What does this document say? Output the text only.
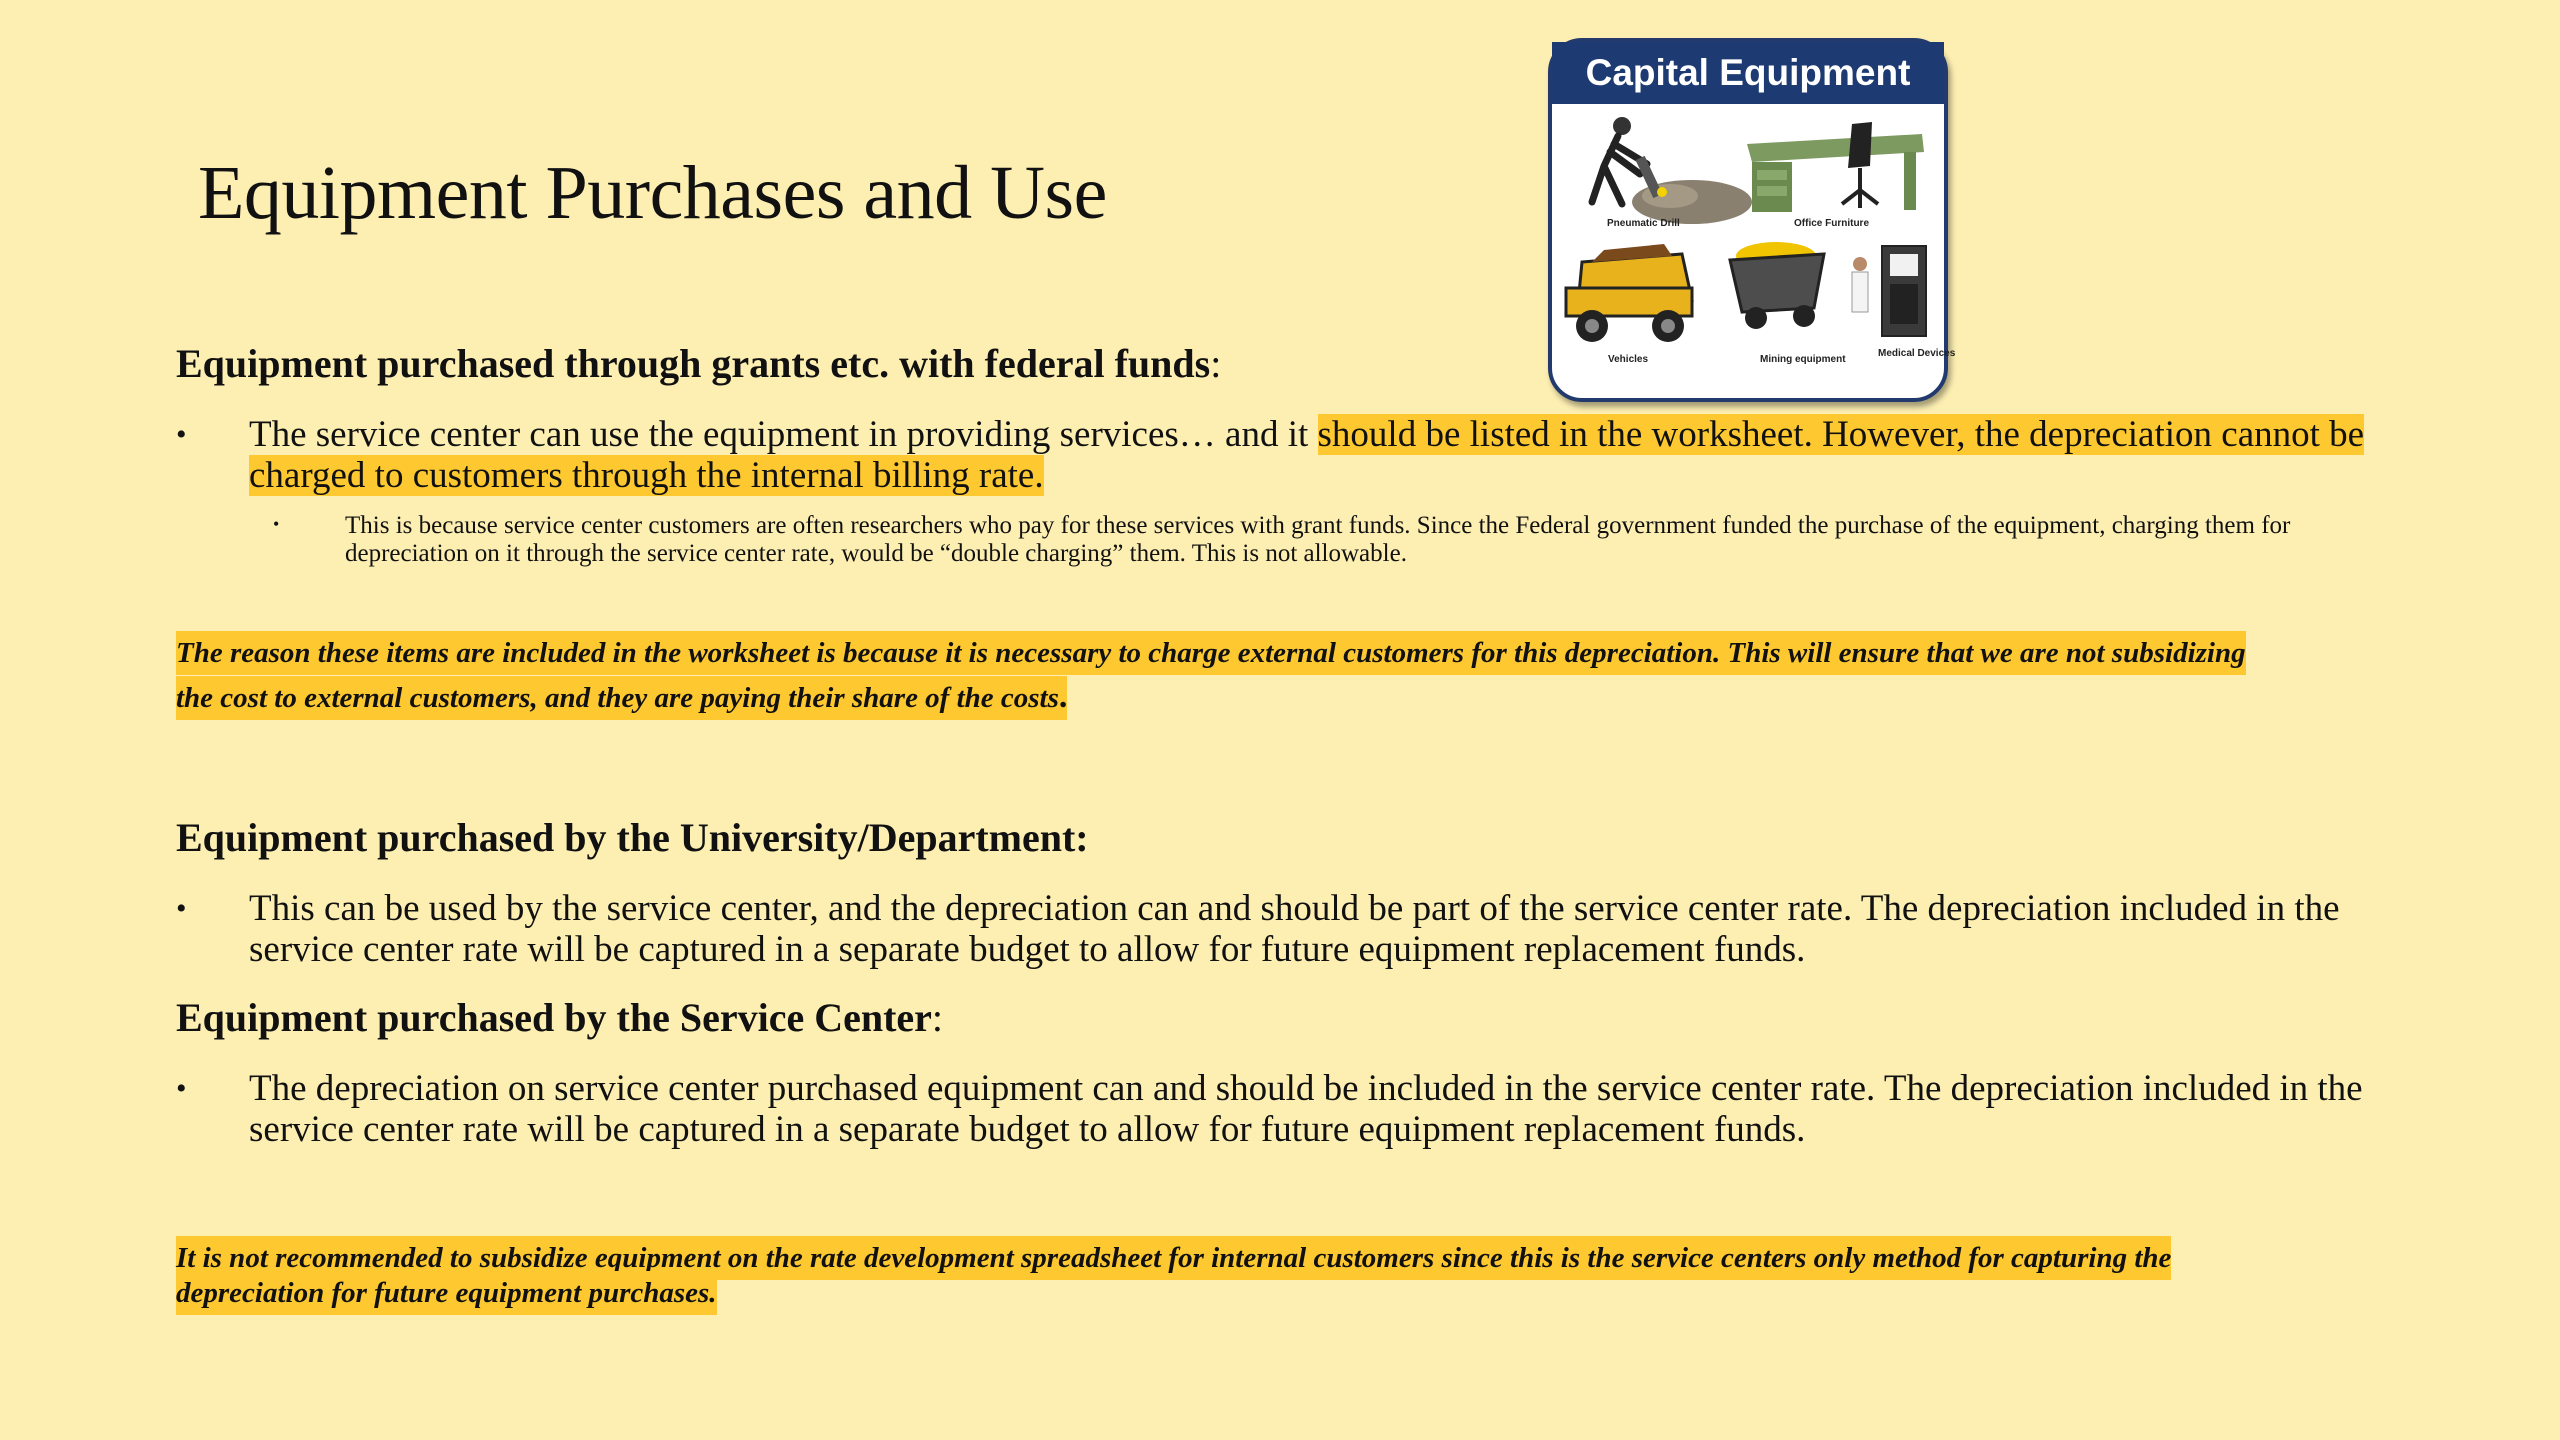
Equipment Purchases and Use
Capital Equipment
Pneumatic Drill	Office Furniture
Vehicles	Mining equipment
Medical Devices
Equipment purchased through grants etc. with federal funds:
• The service center can use the equipment in providing services… and it should be listed in the worksheet. However, the depreciation cannot be charged to customers through the internal billing rate.
•	This is because service center customers are often researchers who pay for these services with grant funds. Since the Federal government funded the purchase of the equipment, charging them for depreciation on it through the service center rate, would be “double charging” them. This is not allowable.
The reason these items are included in the worksheet is because it is necessary to charge external customers for this depreciation. This will ensure that we are not subsidizing the cost to external customers, and they are paying their share of the costs.
Equipment purchased by the University/Department:
• This can be used by the service center, and the depreciation can and should be part of the service center rate. The depreciation included in the service center rate will be captured in a separate budget to allow for future equipment replacement funds.
Equipment purchased by the Service Center:
• The depreciation on service center purchased equipment can and should be included in the service center rate. The depreciation included in the service center rate will be captured in a separate budget to allow for future equipment replacement funds.
It is not recommended to subsidize equipment on the rate development spreadsheet for internal customers since this is the service centers only method for capturing the depreciation for future equipment purchases.
